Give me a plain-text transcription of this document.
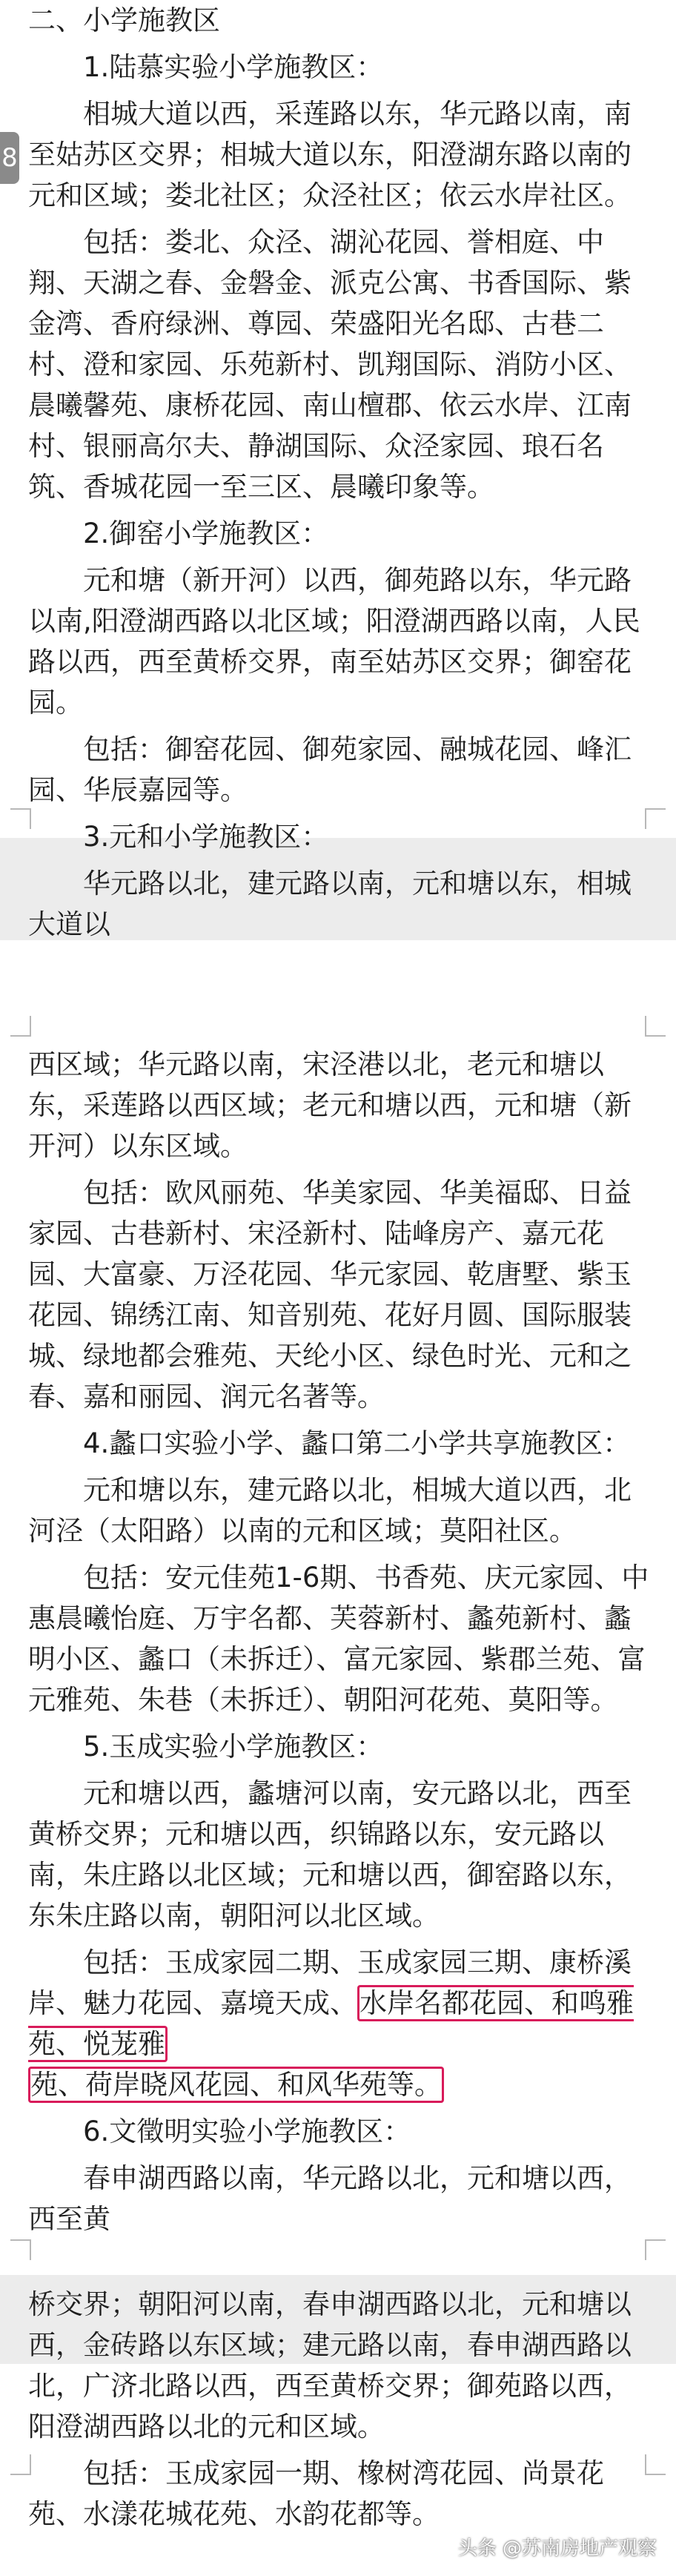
8

二、小学施教区

1.陆慕实验小学施教区：

相城大道以西，采莲路以东，华元路以南，南至姑苏区交界；相城大道以东，阳澄湖东路以南的元和区域；娄北社区；众泾社区；依云水岸社区。

包括：娄北、众泾、湖沁花园、誉相庭、中翔、天湖之春、金磐金、派克公寓、书香国际、紫金湾、香府绿洲、尊园、荣盛阳光名邸、古巷二村、澄和家园、乐苑新村、凯翔国际、消防小区、晨曦馨苑、康桥花园、南山檀郡、依云水岸、江南村、银丽高尔夫、静湖国际、众泾家园、琅石名筑、香城花园一至三区、晨曦印象等。

2.御窑小学施教区：

元和塘（新开河）以西，御苑路以东，华元路以南,阳澄湖西路以北区域；阳澄湖西路以南，人民路以西，西至黄桥交界，南至姑苏区交界；御窑花园。

包括：御窑花园、御苑家园、融城花园、峰汇园、华辰嘉园等。

3.元和小学施教区：

华元路以北，建元路以南，元和塘以东，相城大道以

西区域；华元路以南，宋泾港以北，老元和塘以东，采莲路以西区域；老元和塘以西，元和塘（新开河）以东区域。

包括：欧风丽苑、华美家园、华美福邸、日益家园、古巷新村、宋泾新村、陆峰房产、嘉元花园、大富豪、万泾花园、华元家园、乾唐墅、紫玉花园、锦绣江南、知音别苑、花好月圆、国际服装城、绿地都会雅苑、天纶小区、绿色时光、元和之春、嘉和丽园、润元名著等。

4.蠡口实验小学、蠡口第二小学共享施教区：

元和塘以东，建元路以北，相城大道以西，北河泾（太阳路）以南的元和区域；莫阳社区。

包括：安元佳苑1-6期、书香苑、庆元家园、中惠晨曦怡庭、万宇名都、芙蓉新村、蠡苑新村、蠡明小区、蠡口（未拆迁）、富元家园、紫郡兰苑、富元雅苑、朱巷（未拆迁）、朝阳河花苑、莫阳等。

5.玉成实验小学施教区：

元和塘以西，蠡塘河以南，安元路以北，西至黄桥交界；元和塘以西，织锦路以东，安元路以南，朱庄路以北区域；元和塘以西，御窑路以东，东朱庄路以南，朝阳河以北区域。

包括：玉成家园二期、玉成家园三期、康桥溪岸、魅力花园、嘉境天成、水岸名都花园、和鸣雅苑、悦茏雅
苑、荷岸晓风花园、和风华苑等。

6.文徵明实验小学施教区：

春申湖西路以南，华元路以北，元和塘以西，西至黄

桥交界；朝阳河以南，春申湖西路以北，元和塘以西，金砖路以东区域；建元路以南，春申湖西路以北，广济北路以西，西至黄桥交界；御苑路以西，阳澄湖西路以北的元和区域。

包括：玉成家园一期、橡树湾花园、尚景花苑、水漾花城花苑、水韵花都等。

头条 @苏南房地产观察
